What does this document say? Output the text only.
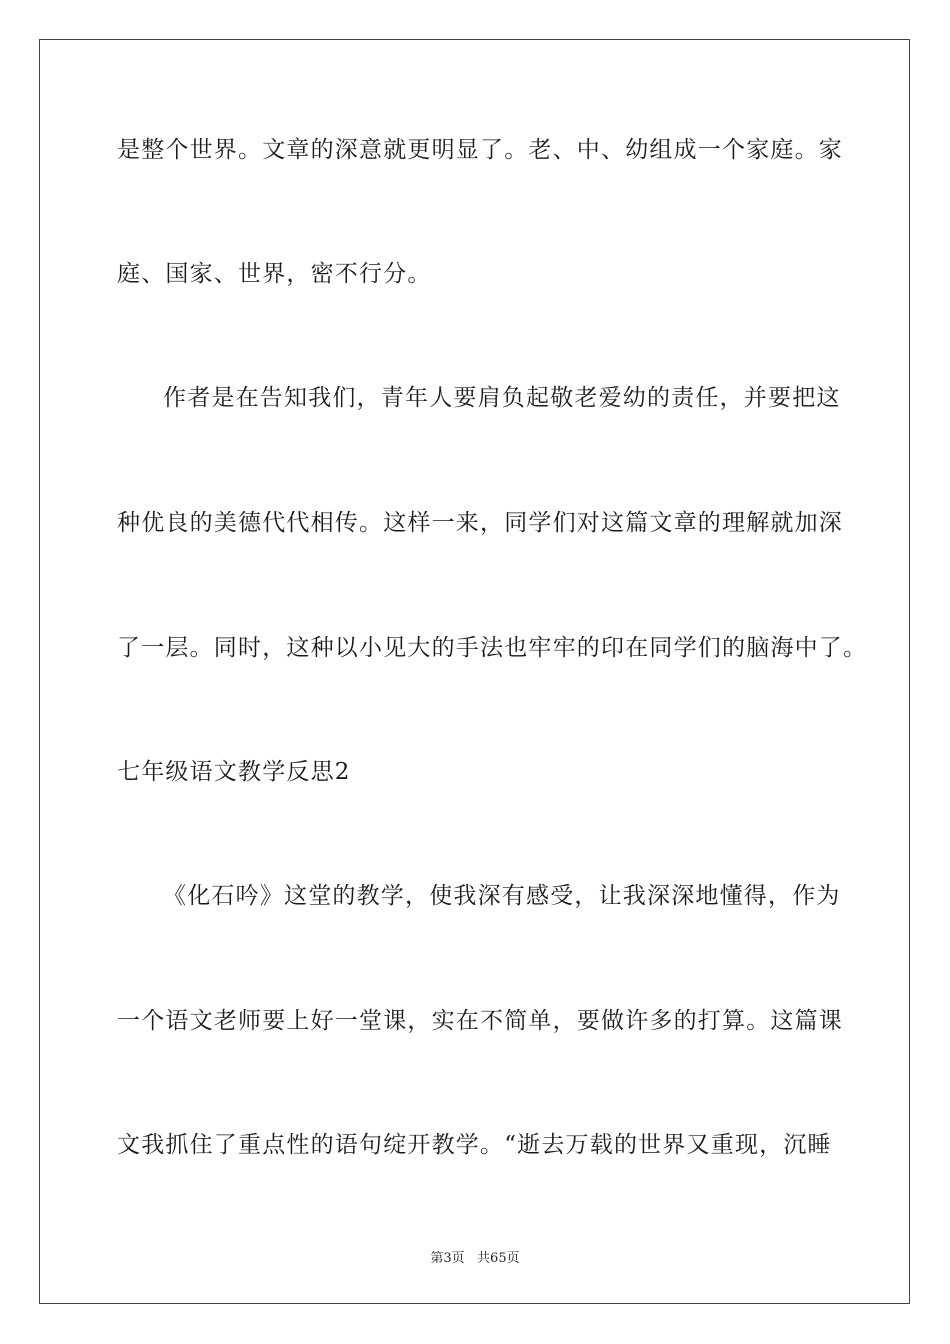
是整个世界。文章的深意就更明显了。老、中、幼组成一个家庭。家
庭、国家、世界，密不行分。
作者是在告知我们，青年人要肩负起敬老爱幼的责任，并要把这
种优良的美德代代相传。这样一来，同学们对这篇文章的理解就加深
了一层。同时，这种以小见大的手法也牢牢的印在同学们的脑海中了。
七年级语文教学反思2
《化石吟》这堂的教学，使我深有感受，让我深深地懂得，作为
一个语文老师要上好一堂课，实在不简单，要做许多的打算。这篇课
文我抓住了重点性的语句绽开教学。“逝去万载的世界又重现，沉睡
第3页   共65页
